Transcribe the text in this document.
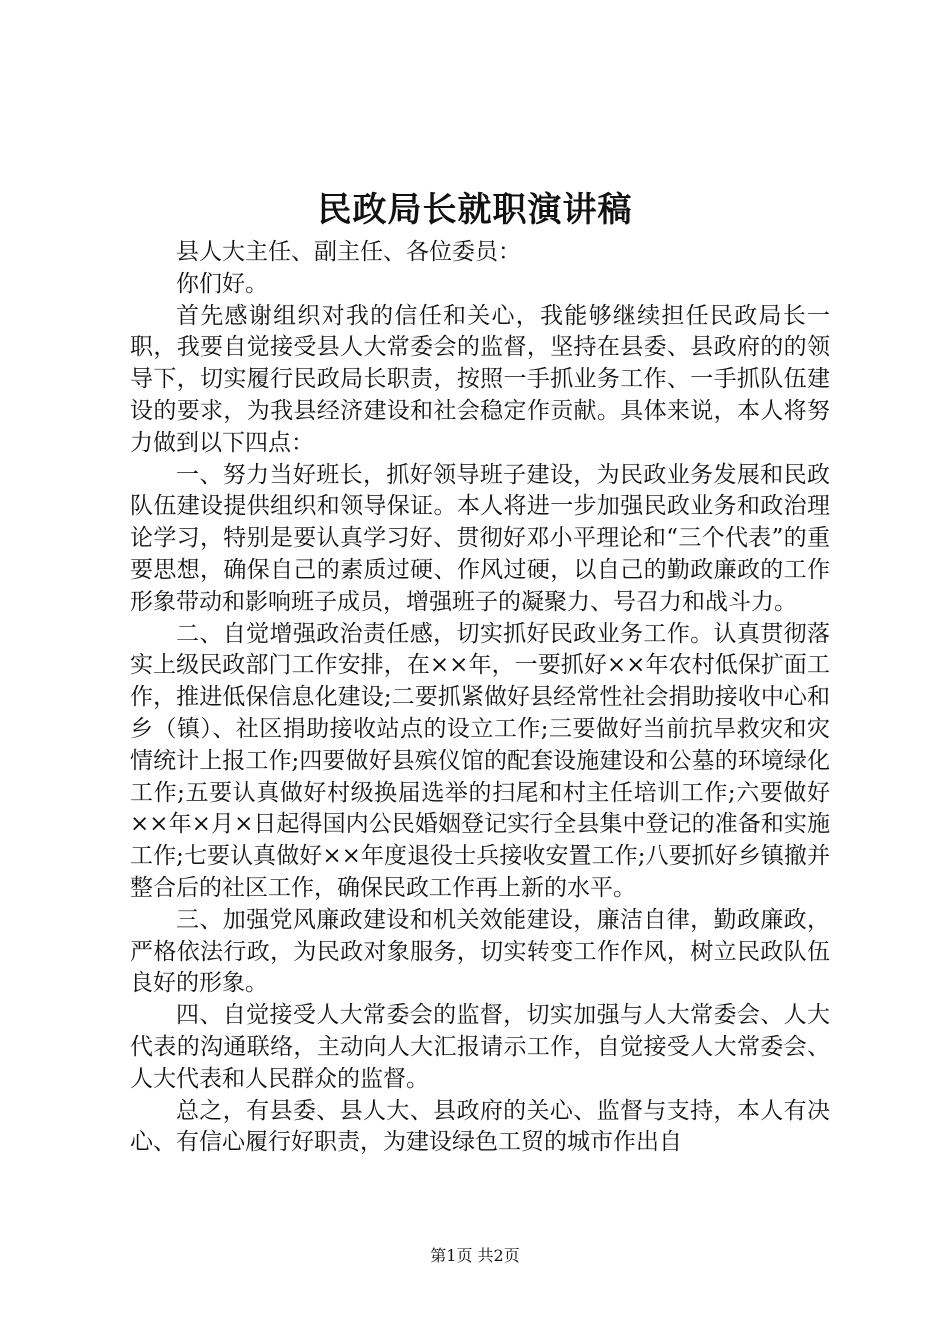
民政局长就职演讲稿

县人大主任、副主任、各位委员：

你们好。

首先感谢组织对我的信任和关心，我能够继续担任民政局长一职，我要自觉接受县人大常委会的监督，坚持在县委、县政府的的领导下，切实履行民政局长职责，按照一手抓业务工作、一手抓队伍建设的要求，为我县经济建设和社会稳定作贡献。具体来说，本人将努力做到以下四点：

一、努力当好班长，抓好领导班子建设，为民政业务发展和民政队伍建设提供组织和领导保证。本人将进一步加强民政业务和政治理论学习，特别是要认真学习好、贯彻好邓小平理论和“三个代表”的重要思想，确保自己的素质过硬、作风过硬，以自己的勤政廉政的工作形象带动和影响班子成员，增强班子的凝聚力、号召力和战斗力。

二、自觉增强政治责任感，切实抓好民政业务工作。认真贯彻落实上级民政部门工作安排，在××年，一要抓好××年农村低保扩面工作，推进低保信息化建设;二要抓紧做好县经常性社会捐助接收中心和乡（镇）、社区捐助接收站点的设立工作;三要做好当前抗旱救灾和灾情统计上报工作;四要做好县殡仪馆的配套设施建设和公墓的环境绿化工作;五要认真做好村级换届选举的扫尾和村主任培训工作;六要做好××年×月×日起得国内公民婚姻登记实行全县集中登记的准备和实施工作;七要认真做好××年度退役士兵接收安置工作;八要抓好乡镇撤并整合后的社区工作，确保民政工作再上新的水平。

三、加强党风廉政建设和机关效能建设，廉洁自律，勤政廉政，严格依法行政，为民政对象服务，切实转变工作作风，树立民政队伍良好的形象。

四、自觉接受人大常委会的监督，切实加强与人大常委会、人大代表的沟通联络，主动向人大汇报请示工作，自觉接受人大常委会、人大代表和人民群众的监督。

总之，有县委、县人大、县政府的关心、监督与支持，本人有决心、有信心履行好职责，为建设绿色工贸的城市作出自

第1页 共2页
